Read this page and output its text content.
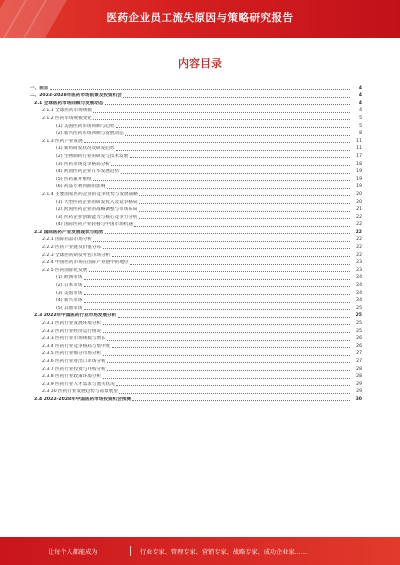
医药企业员工流失原因与策略研究报告
内容目录
一、前言	4
二、2023-2028年医药市场前景及投资机会	4
2.1 全球医药市场回顾与发展动态	4
2.1.1 全球医药市场规模	4
2.1.2 医药市场规模变化	5
(1) 美国医药市场回顾与趋势	5
(2) 新兴医药市场回顾与发展动态	8
2.1.3 医药产业发展	11
(1) 新药研发状况及研发趋势	11
(2) 生物制药行业的研发与技术发展	17
(3) 医药市场竞争格局分析	18
(4) 跨国医药企业在华发展趋势	19
(5) 医药兼并重组	19
(6) 药品专利到期的影响	19
2.1.4 主要国家医药企业的竞争优势与发展战略	20
(1) 大型医药企业的研发投入及竞争格局	20
(2) 跨国医药企业的战略调整与市场布局	21
(3) 医药企业创新能力与核心竞争力分析	22
(4) 国际医药产业转移与中国市场机遇	22
2.2 国际医药产业发展现状与趋势	22
2.2.1 国际药品市场分析	22
2.2.2 医药产业链及价值分布	22
2.2.3 全球医药研发外包市场分析	22
2.2.4 中国医药市场在国际产业链中的地位	23
2.2.5 医药国际化发展	23
(1) 欧洲市场	24
(2) 日本市场	24
(3) 美国市场	24
(4) 新兴市场	24
(5) 其他市场	25
2.3 2022年中国医药行业市场发展分析	25
2.3.1 医药行业发展环境分析	25
2.3.2 医药行业经济运行情况	25
2.3.3 医药行业市场规模与增长	26
2.3.4 医药行业竞争格局与集中度	26
2.3.5 医药行业细分市场分析	27
2.3.6 医药行业进出口市场分析	27
2.3.7 医药行业投资与并购分析	28
2.3.8 医药行业政策环境分析	28
2.3.9 医药行业人才需求与流失状况	29
2.3.10 医药行业发展趋势与前景展望	29
2.4 2022-2028年中国医药市场投资机会预测	30
让每个人都能成为	行业专家、管理专家、营销专家、战略专家、成功企业家……
